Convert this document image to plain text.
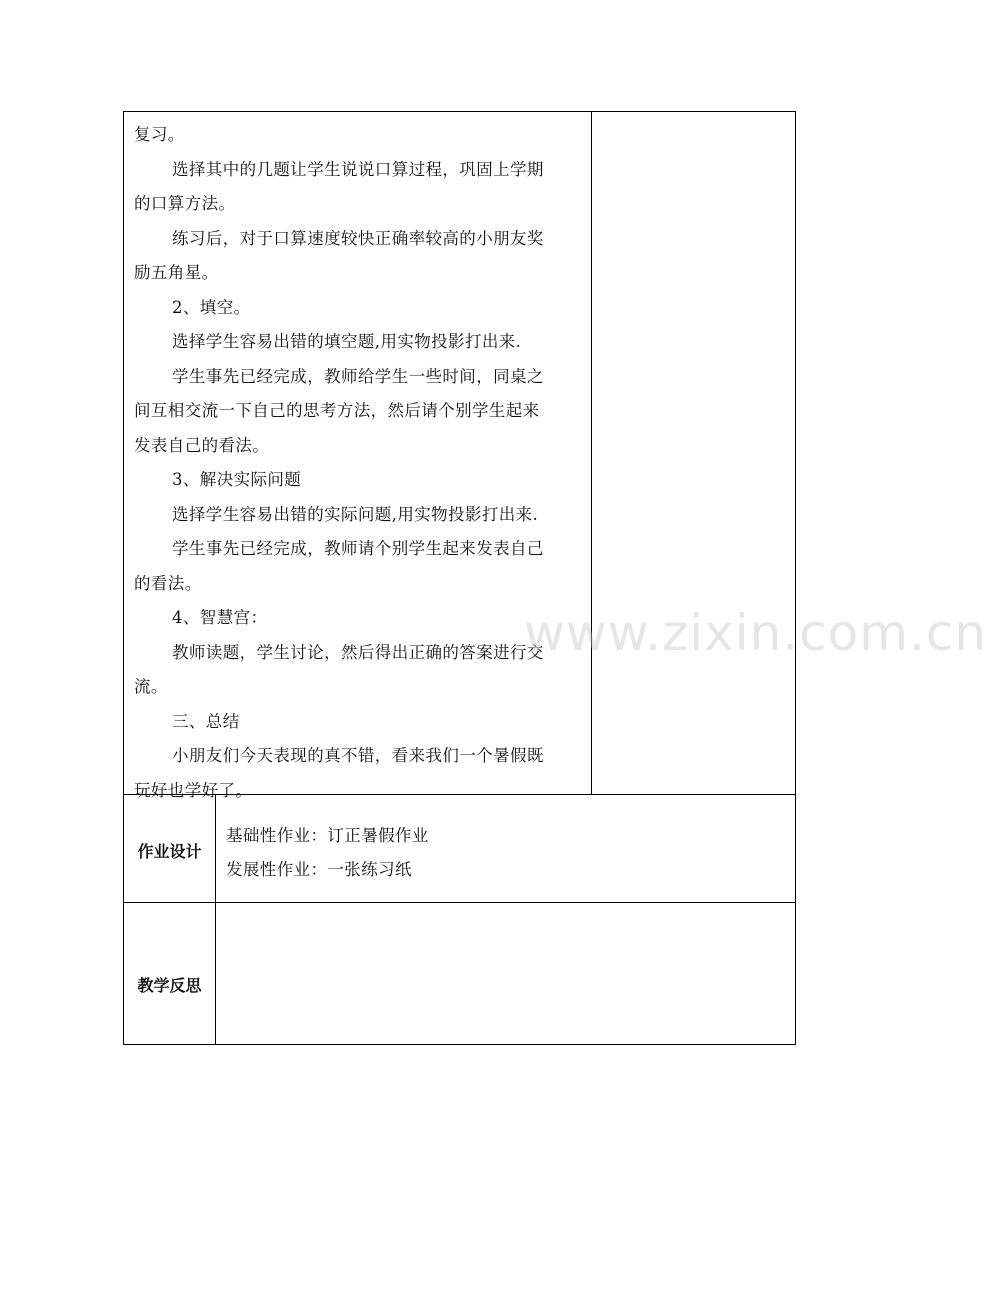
复习。
选择其中的几题让学生说说口算过程，巩固上学期
的口算方法。
练习后，对于口算速度较快正确率较高的小朋友奖
励五角星。
2、填空。
选择学生容易出错的填空题,用实物投影打出来.
学生事先已经完成，教师给学生一些时间，同桌之
间互相交流一下自己的思考方法，然后请个别学生起来
发表自己的看法。
3、解决实际问题
选择学生容易出错的实际问题,用实物投影打出来.
学生事先已经完成，教师请个别学生起来发表自己
的看法。
4、智慧宫：
教师读题，学生讨论，然后得出正确的答案进行交
流。
三、总结
小朋友们今天表现的真不错，看来我们一个暑假既
玩好也学好了。
作业设计
基础性作业：订正暑假作业
发展性作业：一张练习纸
教学反思
www.zixin.com.cn
